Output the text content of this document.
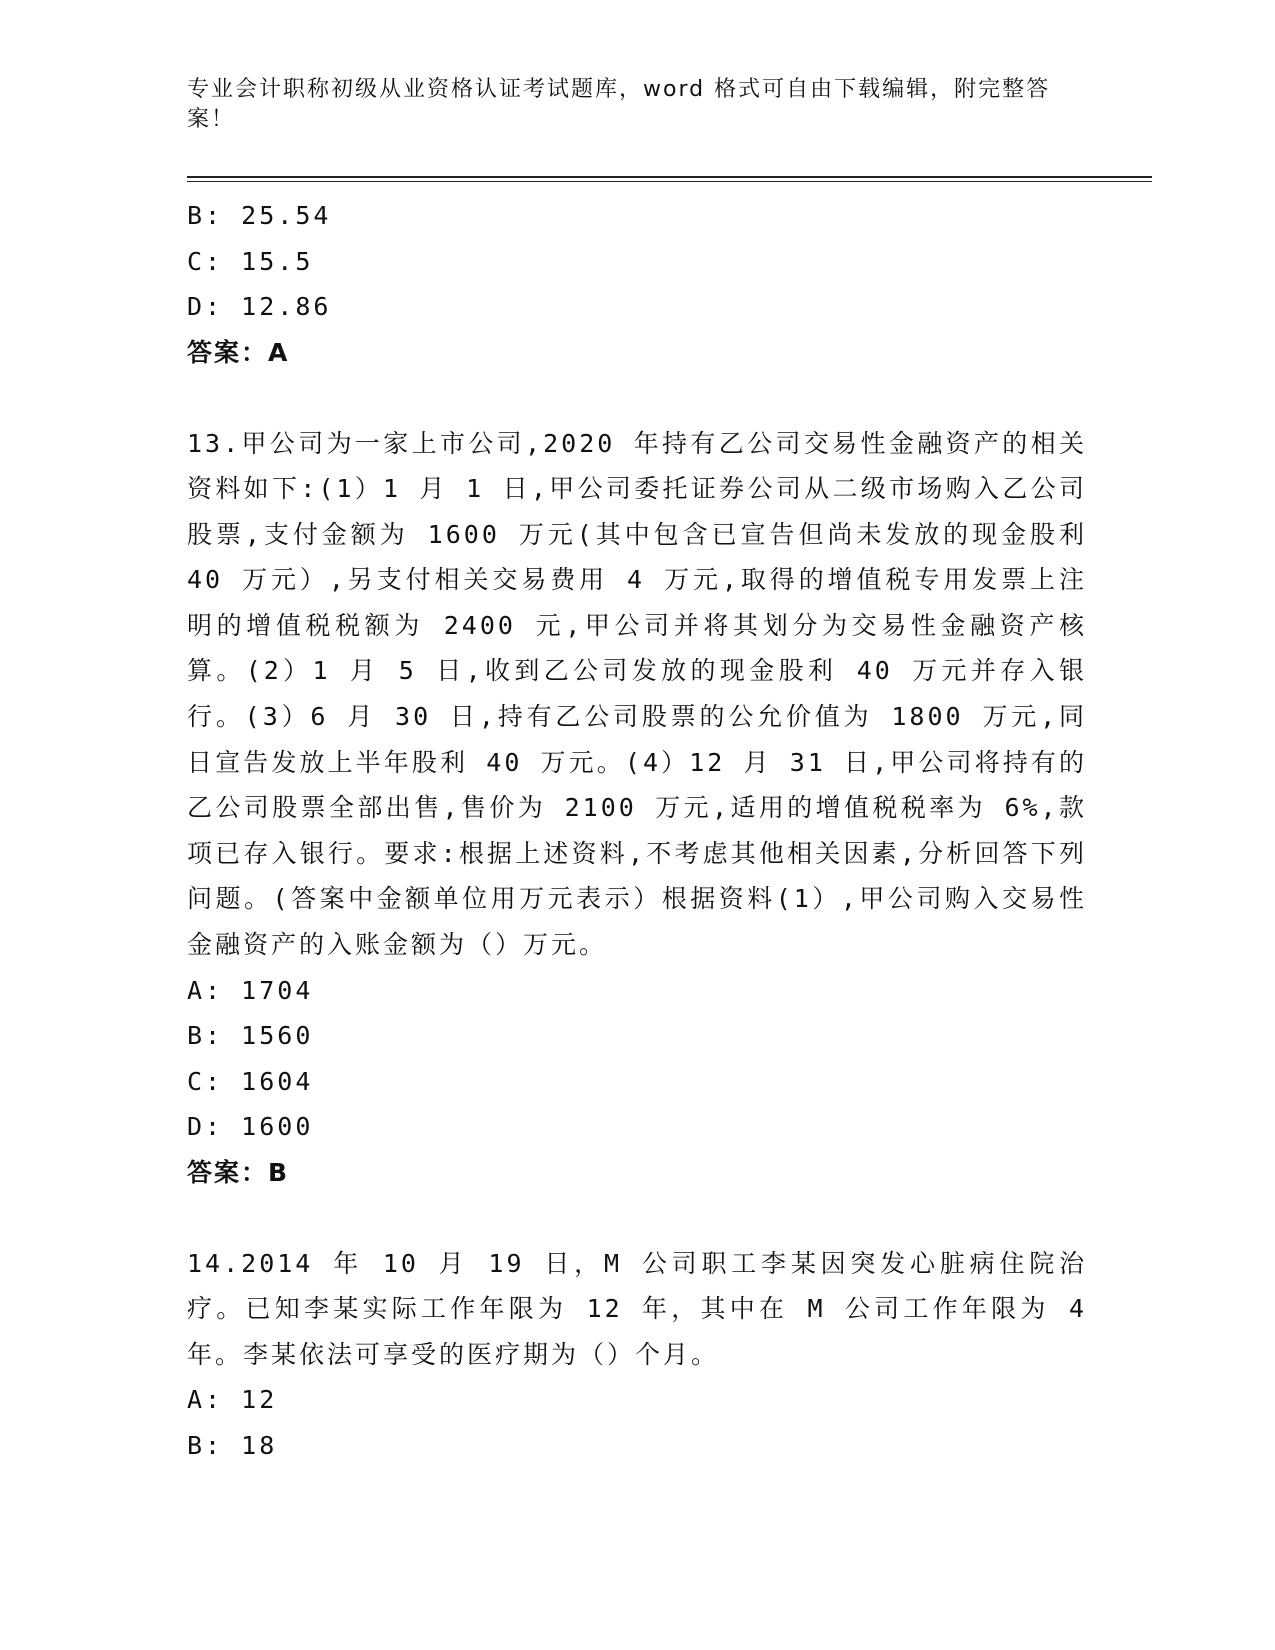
专业会计职称初级从业资格认证考试题库，word 格式可自由下载编辑，附完整答案！
B: 25.54
C: 15.5
D: 12.86
答案：A
13.甲公司为一家上市公司,2020 年持有乙公司交易性金融资产的相关资料如下:(1）1 月 1 日,甲公司委托证券公司从二级市场购入乙公司股票,支付金额为 1600 万元(其中包含已宣告但尚未发放的现金股利 40 万元）,另支付相关交易费用 4 万元,取得的增值税专用发票上注明的增值税税额为 2400 元,甲公司并将其划分为交易性金融资产核算。(2）1 月 5 日,收到乙公司发放的现金股利 40 万元并存入银行。(3）6 月 30 日,持有乙公司股票的公允价值为 1800 万元,同日宣告发放上半年股利 40 万元。(4）12 月 31 日,甲公司将持有的乙公司股票全部出售,售价为 2100 万元,适用的增值税税率为 6%,款项已存入银行。要求:根据上述资料,不考虑其他相关因素,分析回答下列问题。(答案中金额单位用万元表示）根据资料(1）,甲公司购入交易性金融资产的入账金额为（）万元。
A: 1704
B: 1560
C: 1604
D: 1600
答案：B
14.2014 年 10 月 19 日，M 公司职工李某因突发心脏病住院治疗。已知李某实际工作年限为 12 年，其中在 M 公司工作年限为 4 年。李某依法可享受的医疗期为（）个月。
A: 12
B: 18
